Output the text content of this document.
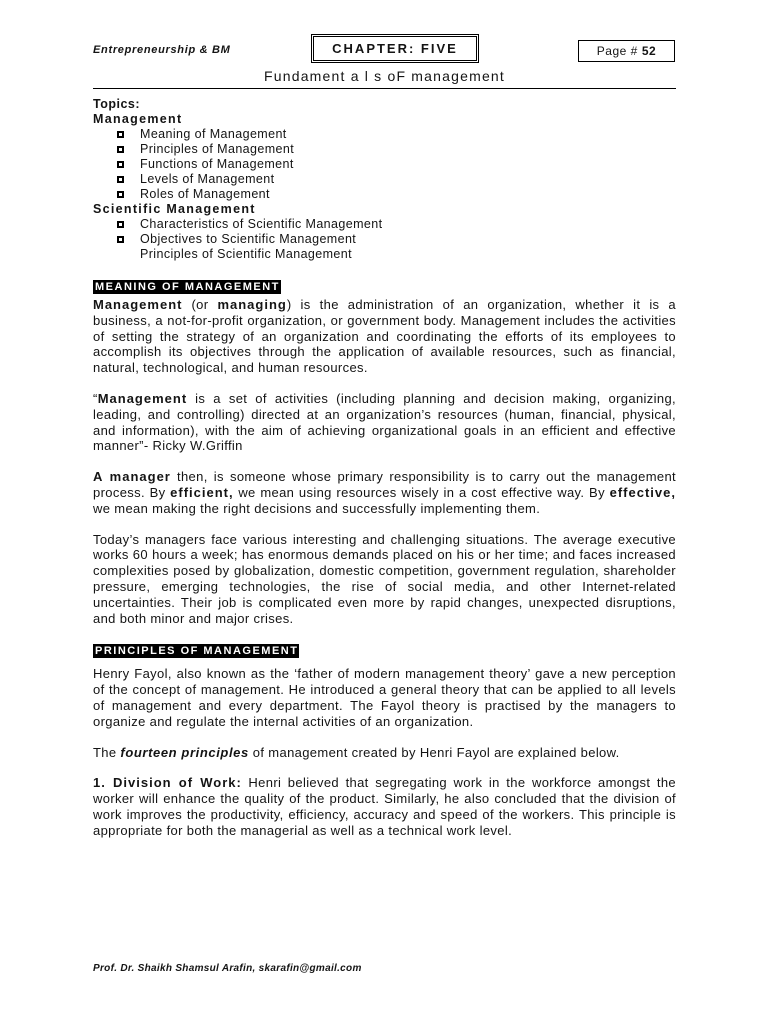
Entrepreneurship & BM	CHAPTER: FIVE	Page # 52
Fundament a l s oF management
Topics:
Management
Meaning of Management
Principles of Management
Functions of Management
Levels of Management
Roles of Management
Scientific Management
Characteristics of Scientific Management
Objectives to Scientific Management
Principles of Scientific Management
MEANING OF MANAGEMENT

Management (or managing) is the administration of an organization, whether it is a business, a not-for-profit organization, or government body. Management includes the activities of setting the strategy of an organization and coordinating the efforts of its employees to accomplish its objectives through the application of available resources, such as financial, natural, technological, and human resources.

“Management is a set of activities (including planning and decision making, organizing, leading, and controlling) directed at an organization’s resources (human, financial, physical, and information), with the aim of achieving organizational goals in an efficient and effective manner”- Ricky W.Griffin

A manager then, is someone whose primary responsibility is to carry out the management process. By efficient, we mean using resources wisely in a cost effective way. By effective, we mean making the right decisions and successfully implementing them.

Today’s managers face various interesting and challenging situations. The average executive works 60 hours a week; has enormous demands placed on his or her time; and faces increased complexities posed by globalization, domestic competition, government regulation, shareholder pressure, emerging technologies, the rise of social media, and other Internet-related uncertainties. Their job is complicated even more by rapid changes, unexpected disruptions, and both minor and major crises.

PRINCIPLES OF MANAGEMENT

Henry Fayol, also known as the ‘father of modern management theory’ gave a new perception of the concept of management. He introduced a general theory that can be applied to all levels of management and every department. The Fayol theory is practised by the managers to organize and regulate the internal activities of an organization.

The fourteen principles of management created by Henri Fayol are explained below.

1. Division of Work: Henri believed that segregating work in the workforce amongst the worker will enhance the quality of the product. Similarly, he also concluded that the division of work improves the productivity, efficiency, accuracy and speed of the workers. This principle is appropriate for both the managerial as well as a technical work level.

Prof. Dr. Shaikh Shamsul Arafin, skarafin@gmail.com
